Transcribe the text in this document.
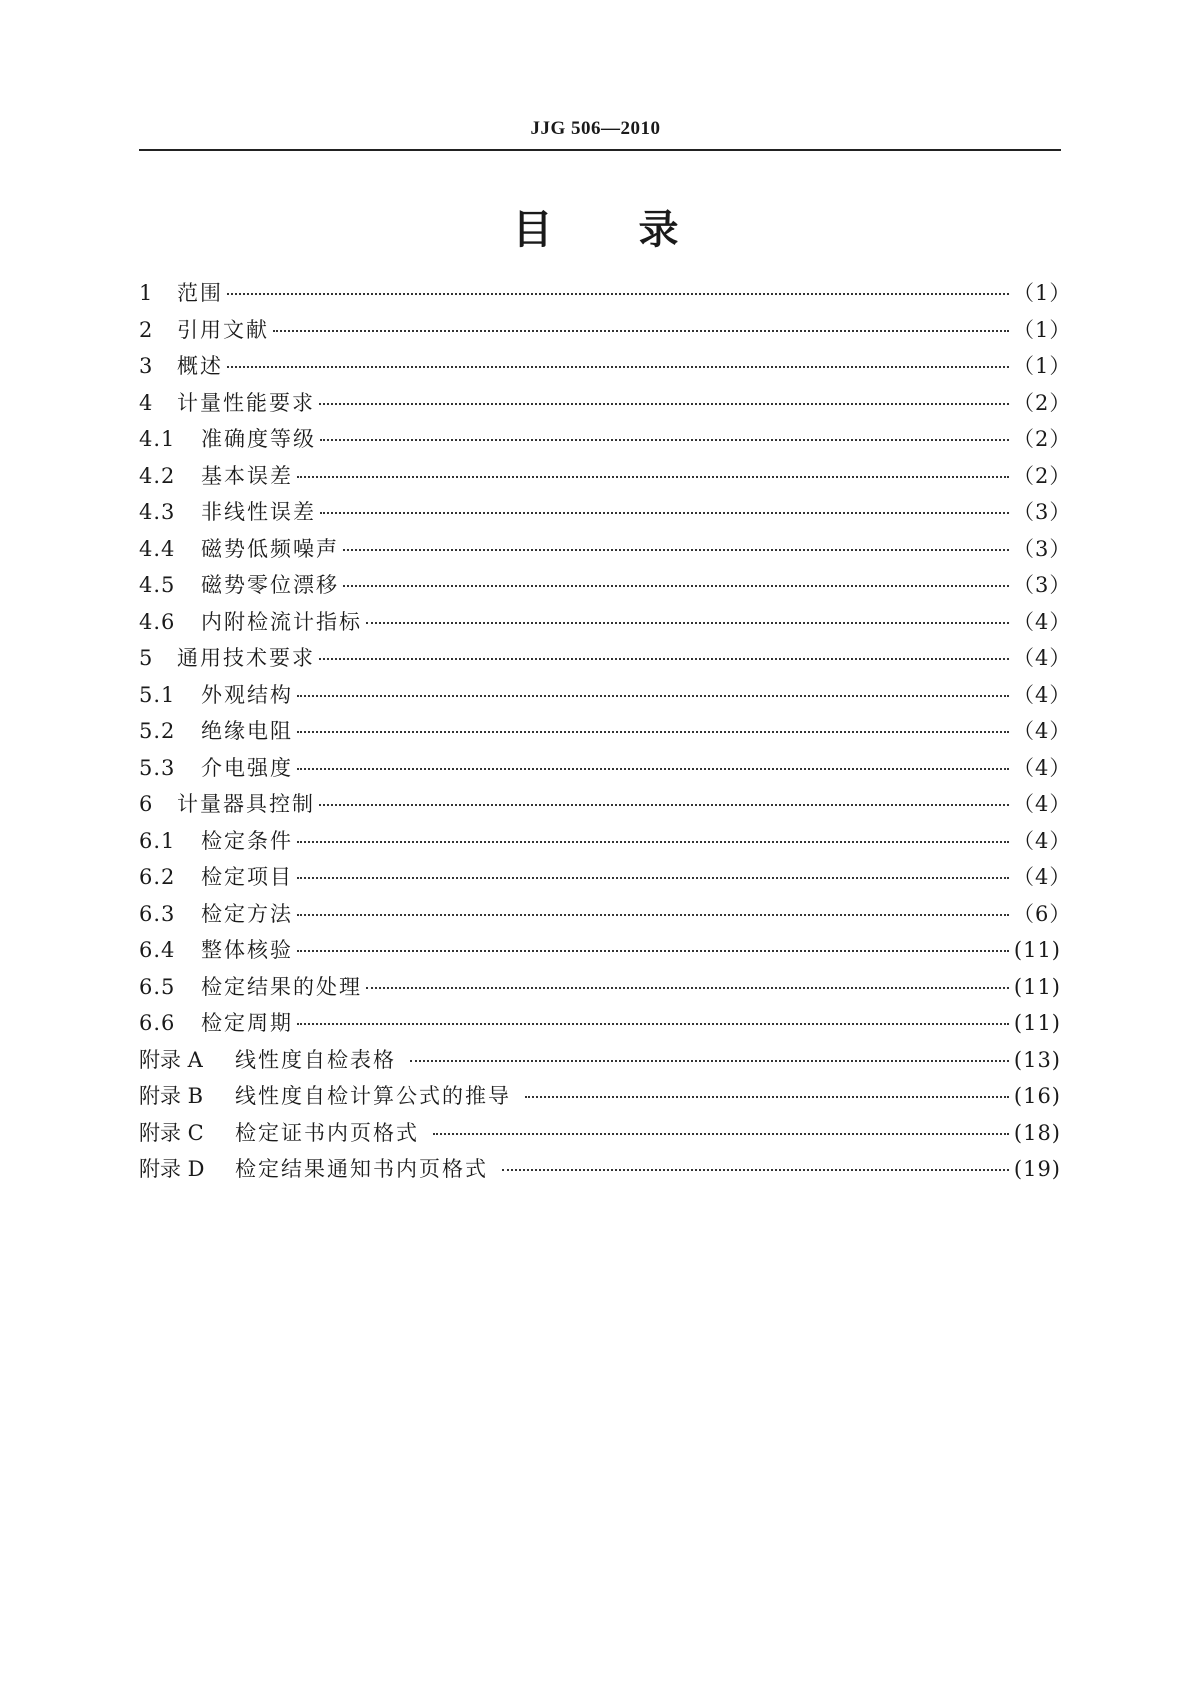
JJG 506—2010
目 录
1	范围	（1）
2	引用文献	（1）
3	概述	（1）
4	计量性能要求	（2）
4.1	准确度等级	（2）
4.2	基本误差	（2）
4.3	非线性误差	（3）
4.4	磁势低频噪声	（3）
4.5	磁势零位漂移	（3）
4.6	内附检流计指标	（4）
5	通用技术要求	（4）
5.1	外观结构	（4）
5.2	绝缘电阻	（4）
5.3	介电强度	（4）
6	计量器具控制	（4）
6.1	检定条件	（4）
6.2	检定项目	（4）
6.3	检定方法	（6）
6.4	整体核验	(11)
6.5	检定结果的处理	(11)
6.6	检定周期	(11)
附录 A	线性度自检表格	(13)
附录 B	线性度自检计算公式的推导	(16)
附录 C	检定证书内页格式	(18)
附录 D	检定结果通知书内页格式	(19)
